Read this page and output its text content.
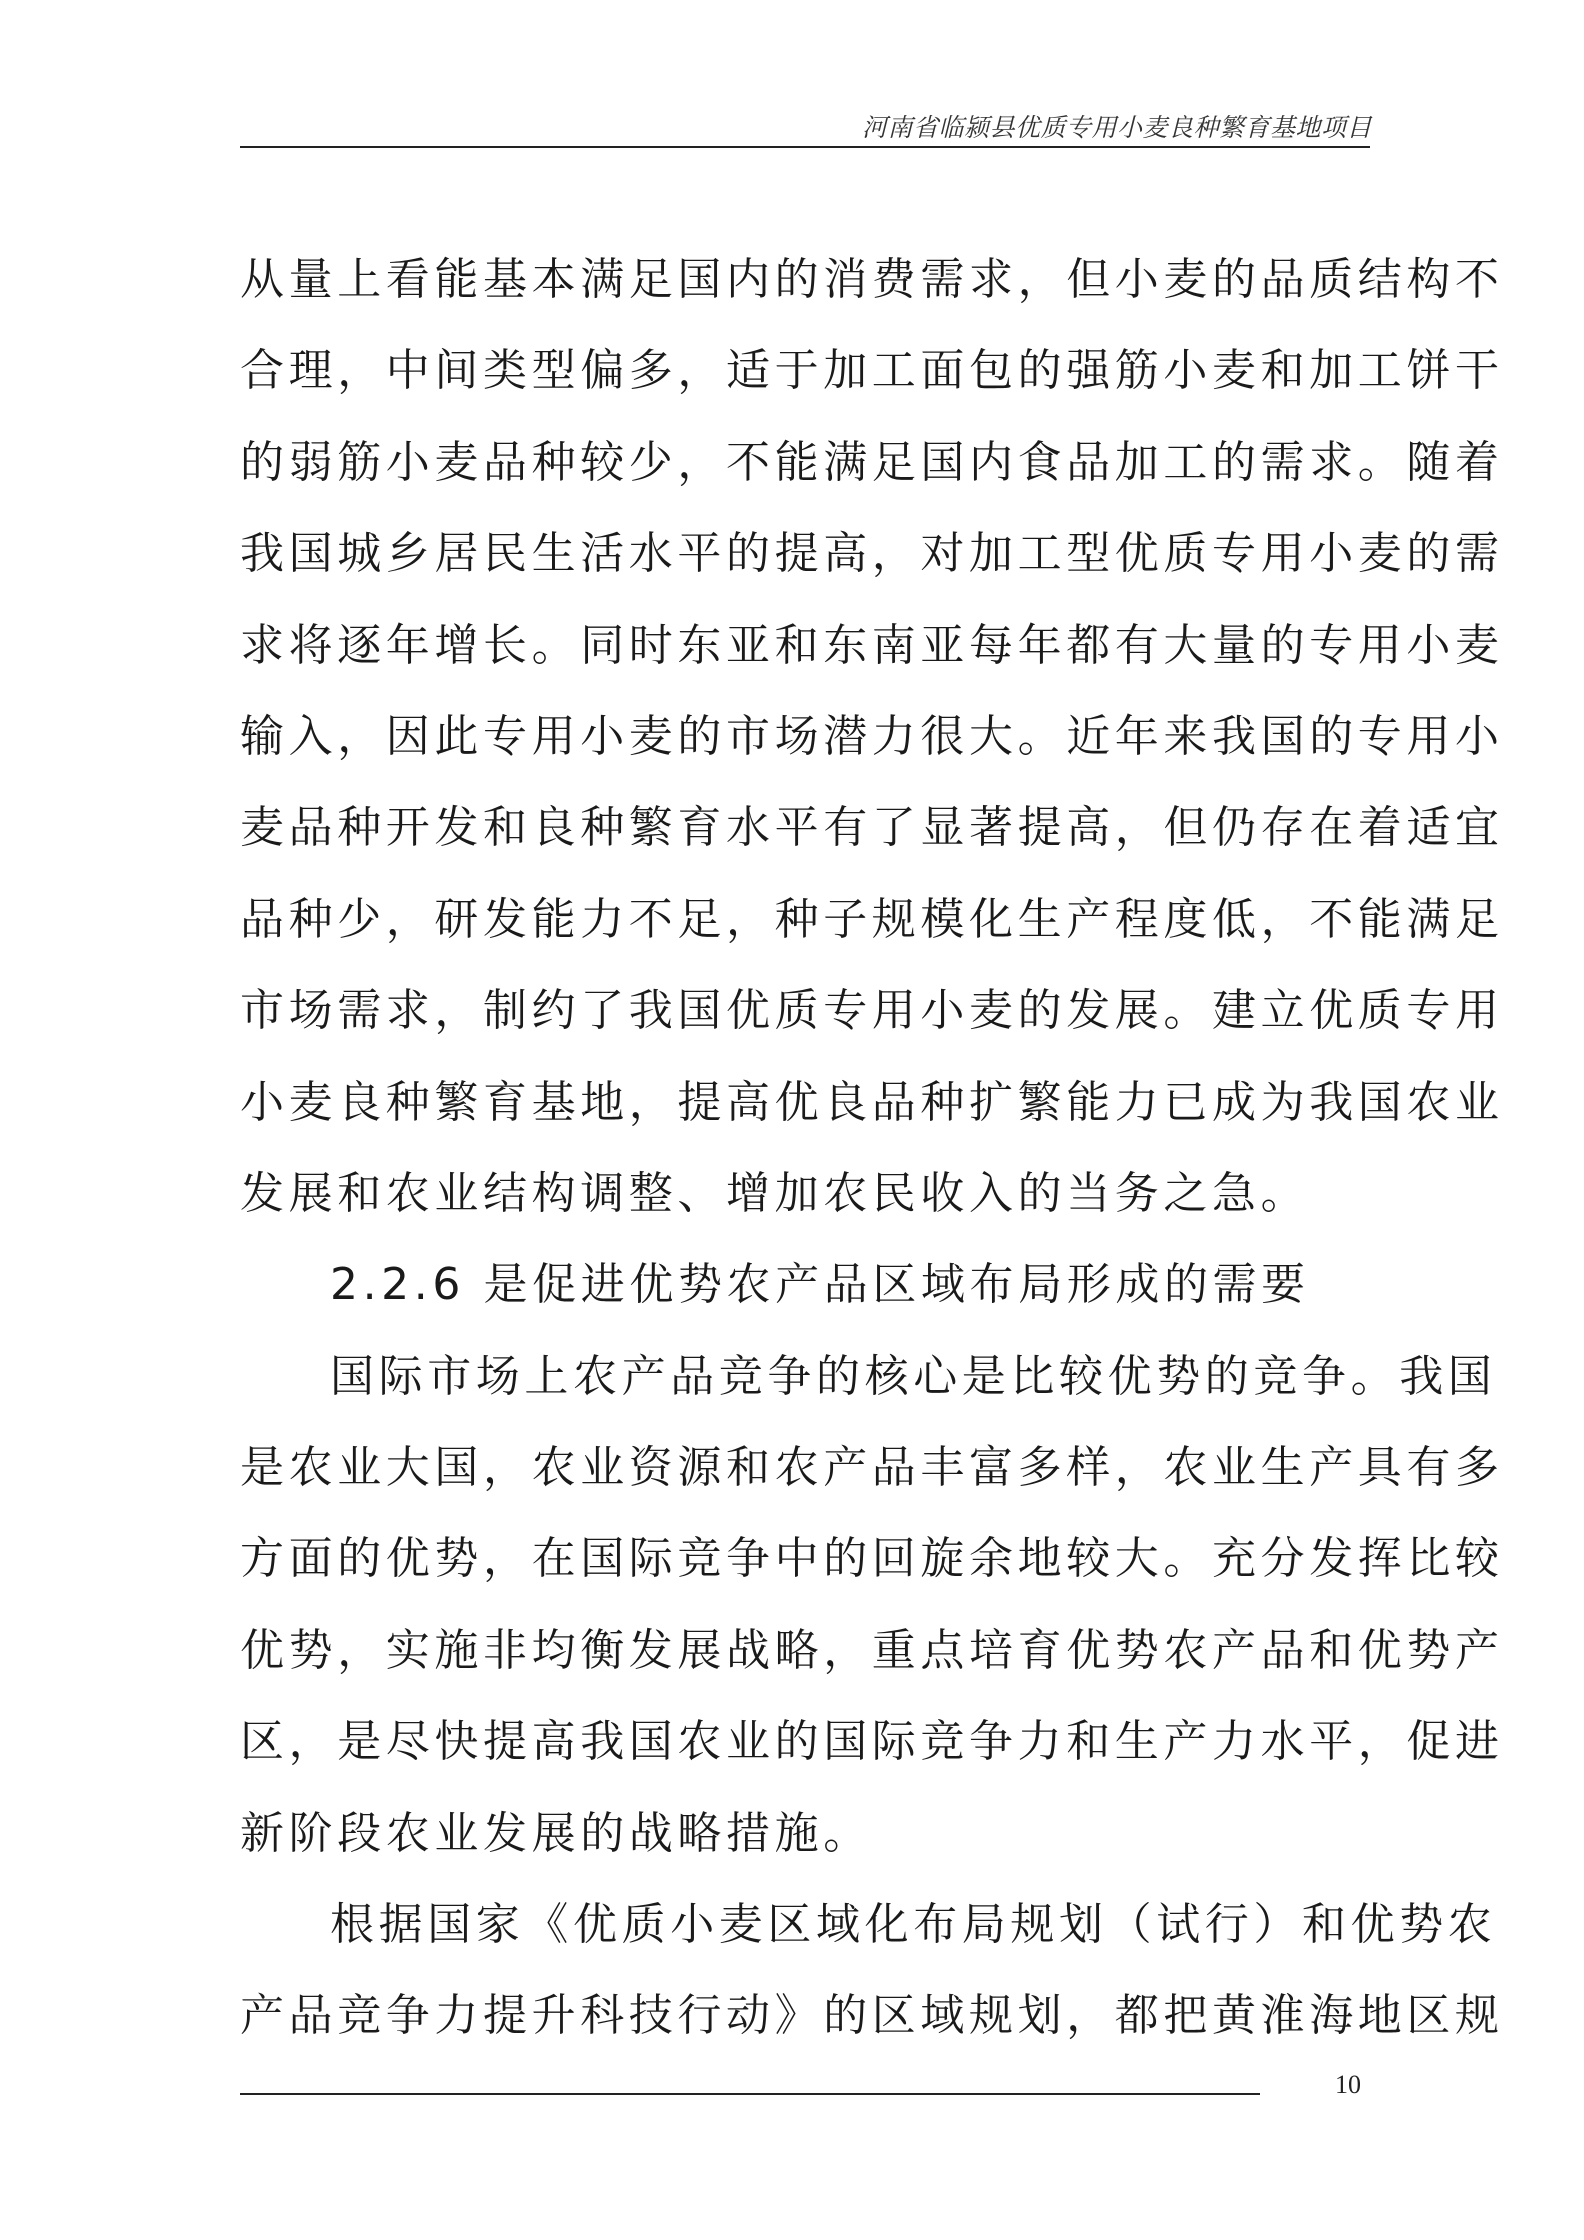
河南省临颍县优质专用小麦良种繁育基地项目
从量上看能基本满足国内的消费需求，但小麦的品质结构不
合理，中间类型偏多，适于加工面包的强筋小麦和加工饼干
的弱筋小麦品种较少，不能满足国内食品加工的需求。随着
我国城乡居民生活水平的提高，对加工型优质专用小麦的需
求将逐年增长。同时东亚和东南亚每年都有大量的专用小麦
输入，因此专用小麦的市场潜力很大。近年来我国的专用小
麦品种开发和良种繁育水平有了显著提高，但仍存在着适宜
品种少，研发能力不足，种子规模化生产程度低，不能满足
市场需求，制约了我国优质专用小麦的发展。建立优质专用
小麦良种繁育基地，提高优良品种扩繁能力已成为我国农业
发展和农业结构调整、增加农民收入的当务之急。
2.2.6 是促进优势农产品区域布局形成的需要
国际市场上农产品竞争的核心是比较优势的竞争。我国
是农业大国，农业资源和农产品丰富多样，农业生产具有多
方面的优势，在国际竞争中的回旋余地较大。充分发挥比较
优势，实施非均衡发展战略，重点培育优势农产品和优势产
区，是尽快提高我国农业的国际竞争力和生产力水平，促进
新阶段农业发展的战略措施。
根据国家《优质小麦区域化布局规划（试行）和优势农
产品竞争力提升科技行动》的区域规划，都把黄淮海地区规
10
